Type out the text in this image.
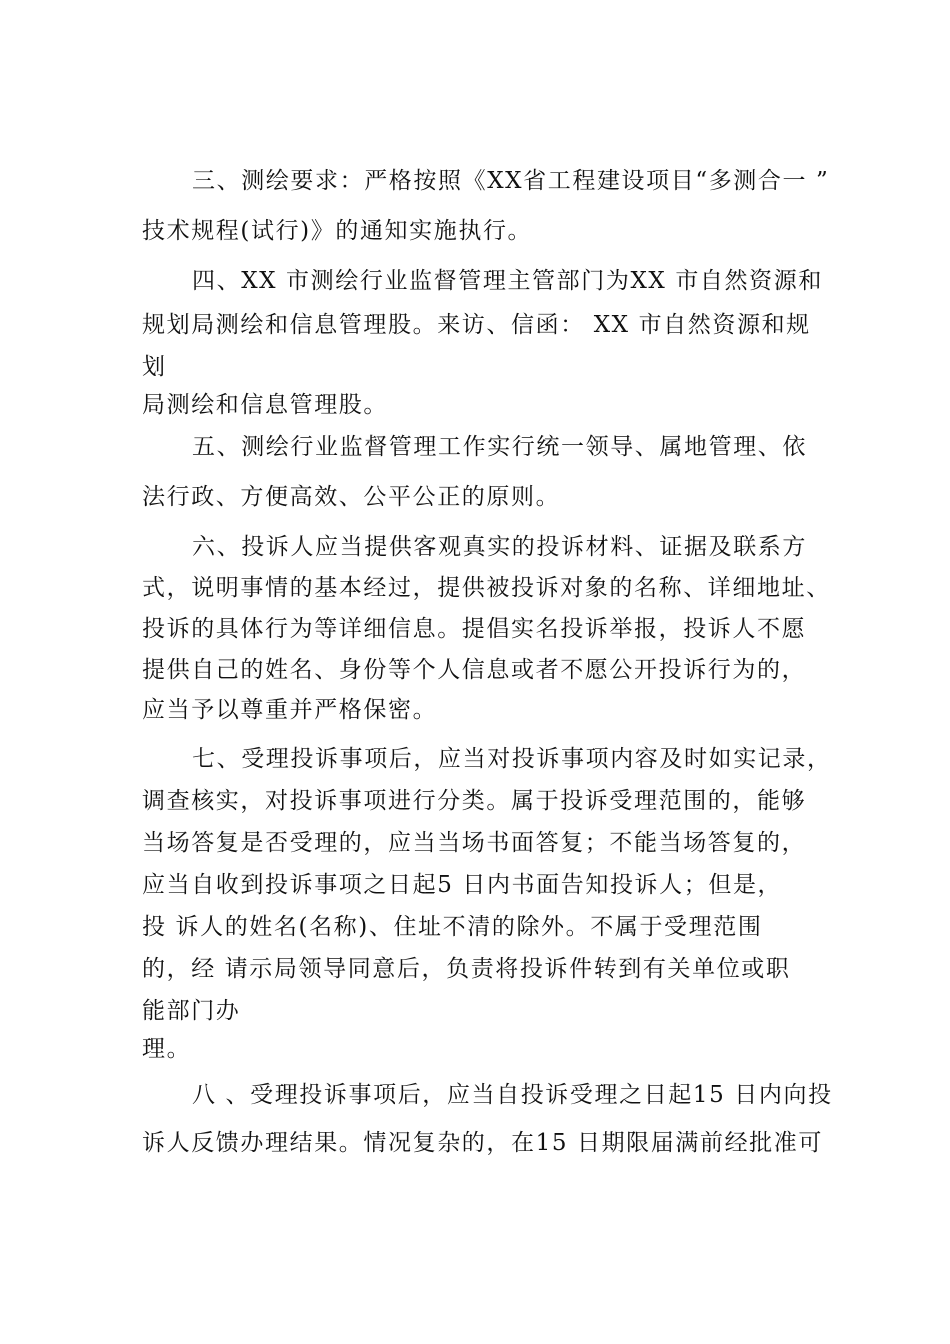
三、测绘要求：严格按照《XX省工程建设项目“多测合一 ”
技术规程(试行)》的通知实施执行。
四、XX 市测绘行业监督管理主管部门为XX 市自然资源和
规划局测绘和信息管理股。来访、信函： XX 市自然资源和规
划
局测绘和信息管理股。
五、测绘行业监督管理工作实行统一领导、属地管理、依
法行政、方便高效、公平公正的原则。
六、投诉人应当提供客观真实的投诉材料、证据及联系方
式，说明事情的基本经过，提供被投诉对象的名称、详细地址、
投诉的具体行为等详细信息。提倡实名投诉举报，投诉人不愿
提供自己的姓名、身份等个人信息或者不愿公开投诉行为的，
应当予以尊重并严格保密。
七、受理投诉事项后，应当对投诉事项内容及时如实记录，
调查核实，对投诉事项进行分类。属于投诉受理范围的，能够
当场答复是否受理的，应当当场书面答复；不能当场答复的，
应当自收到投诉事项之日起5 日内书面告知投诉人；但是，
投 诉人的姓名(名称)、住址不清的除外。不属于受理范围
的，经 请示局领导同意后，负责将投诉件转到有关单位或职
能部门办
理。
八 、受理投诉事项后，应当自投诉受理之日起15 日内向投
诉人反馈办理结果。情况复杂的，在15 日期限届满前经批准可
